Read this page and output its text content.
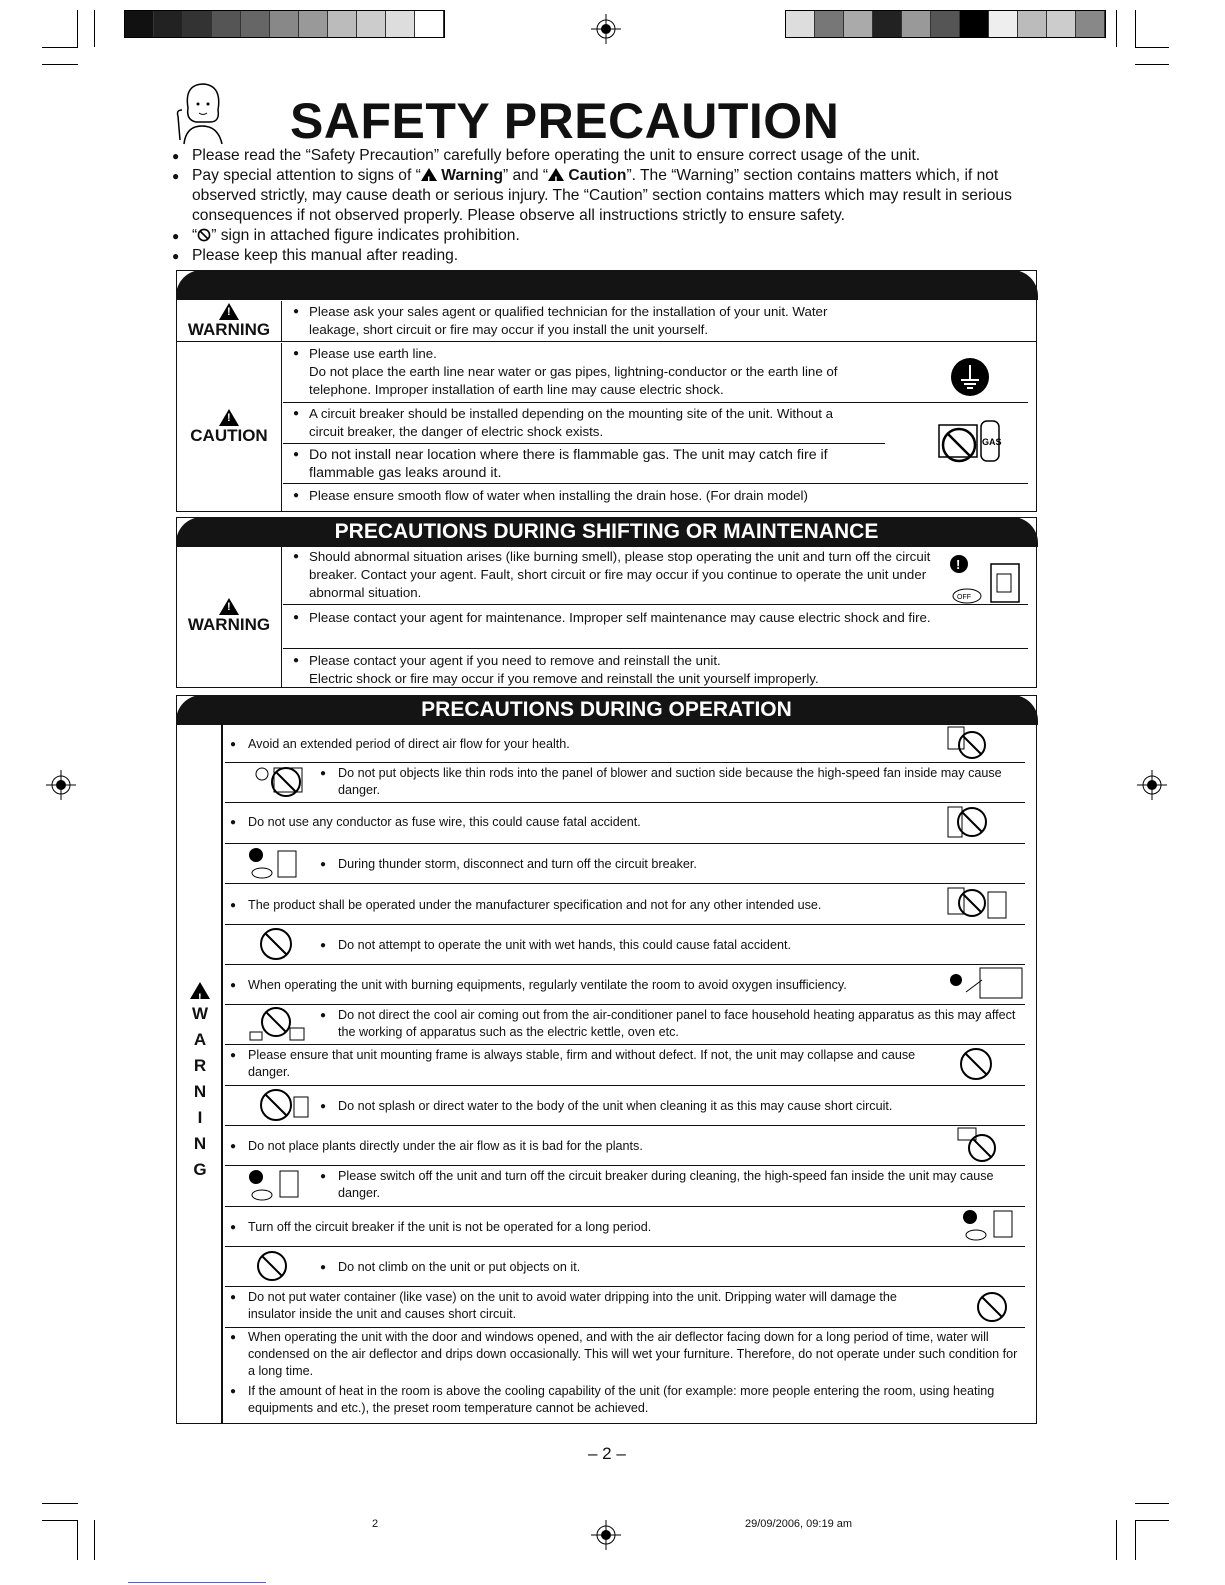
SAFETY PRECAUTION
● Please read the “Safety Precaution” carefully before operating the unit to ensure correct usage of the unit.
● Pay special attention to signs of “ ! Warning” and “ ! Caution”. The “Warning” section contains matters which, if not observed strictly, may cause death or serious injury. The “Caution” section contains matters which may result in serious consequences if not observed properly. Please observe all instructions strictly to ensure safety.
● “ ” sign in attached figure indicates prohibition.
● Please keep this manual after reading.
!
WARNING
!
CAUTION
● Please ask your sales agent or qualified technician for the installation of your unit. Water leakage, short circuit or fire may occur if you install the unit yourself.
● Please use earth line.
Do not place the earth line near water or gas pipes, lightning-conductor or the earth line of telephone. Improper installation of earth line may cause electric shock.
● A circuit breaker should be installed depending on the mounting site of the unit. Without a circuit breaker, the danger of electric shock exists.
● Do not install near location where there is flammable gas. The unit may catch fire if flammable gas leaks around it.
● Please ensure smooth flow of water when installing the drain hose. (For drain model)
GAS
PRECAUTIONS DURING SHIFTING OR MAINTENANCE
!
WARNING
● Should abnormal situation arises (like burning smell), please stop operating the unit and turn off the circuit breaker. Contact your agent. Fault, short circuit or fire may occur if you continue to operate the unit under abnormal situation.
● Please contact your agent for maintenance. Improper self maintenance may cause electric shock and fire.
● Please contact your agent if you need to remove and reinstall the unit.
Electric shock or fire may occur if you remove and reinstall the unit yourself improperly.
!
OFF
PRECAUTIONS DURING OPERATION
!
W
A
R
N
I
N
G
● Avoid an extended period of direct air flow for your health.
● Do not put objects like thin rods into the panel of blower and suction side because the high-speed fan inside may cause danger.
● Do not use any conductor as fuse wire, this could cause fatal accident.
● During thunder storm, disconnect and turn off the circuit breaker.
● The product shall be operated under the manufacturer specification and not for any other intended use.
● Do not attempt to operate the unit with wet hands, this could cause fatal accident.
● When operating the unit with burning equipments, regularly ventilate the room to avoid oxygen insufficiency.
● Do not direct the cool air coming out from the air-conditioner panel to face household heating apparatus as this may affect the working of apparatus such as the electric kettle, oven etc.
● Please ensure that unit mounting frame is always stable, firm and without defect. If not, the unit may collapse and cause danger.
● Do not splash or direct water to the body of the unit when cleaning it as this may cause short circuit.
● Do not place plants directly under the air flow as it is bad for the plants.
● Please switch off the unit and turn off the circuit breaker during cleaning, the high-speed fan inside the unit may cause danger.
● Turn off the circuit breaker if the unit is not be operated for a long period.
● Do not climb on the unit or put objects on it.
● Do not put water container (like vase) on the unit to avoid water dripping into the unit. Dripping water will damage the insulator inside the unit and causes short circuit.
● When operating the unit with the door and windows opened, and with the air deflector facing down for a long period of time, water will condensed on the air deflector and drips down occasionally. This will wet your furniture. Therefore, do not operate under such condition for a long time.
● If the amount of heat in the room is above the cooling capability of the unit (for example: more people entering the room, using heating equipments and etc.), the preset room temperature cannot be achieved.
– 2 –
2	29/09/2006, 09:19 am
